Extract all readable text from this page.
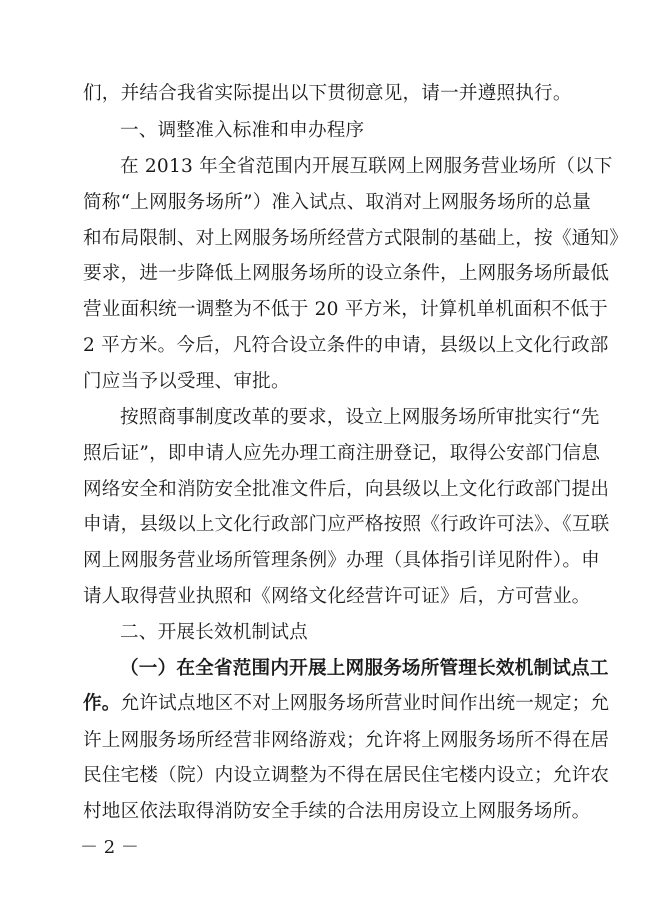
们，并结合我省实际提出以下贯彻意见，请一并遵照执行。
一、调整准入标准和申办程序
在 2013 年全省范围内开展互联网上网服务营业场所（以下
简称“上网服务场所”）准入试点、取消对上网服务场所的总量
和布局限制、对上网服务场所经营方式限制的基础上，按《通知》
要求，进一步降低上网服务场所的设立条件，上网服务场所最低
营业面积统一调整为不低于 20 平方米，计算机单机面积不低于
2 平方米。今后，凡符合设立条件的申请，县级以上文化行政部
门应当予以受理、审批。
按照商事制度改革的要求，设立上网服务场所审批实行“先
照后证”，即申请人应先办理工商注册登记，取得公安部门信息
网络安全和消防安全批准文件后，向县级以上文化行政部门提出
申请，县级以上文化行政部门应严格按照《行政许可法》、《互联
网上网服务营业场所管理条例》办理（具体指引详见附件）。申
请人取得营业执照和《网络文化经营许可证》后，方可营业。
二、开展长效机制试点
（一）在全省范围内开展上网服务场所管理长效机制试点工
作。允许试点地区不对上网服务场所营业时间作出统一规定；允
许上网服务场所经营非网络游戏；允许将上网服务场所不得在居
民住宅楼（院）内设立调整为不得在居民住宅楼内设立；允许农
村地区依法取得消防安全手续的合法用房设立上网服务场所。
－ 2 －
